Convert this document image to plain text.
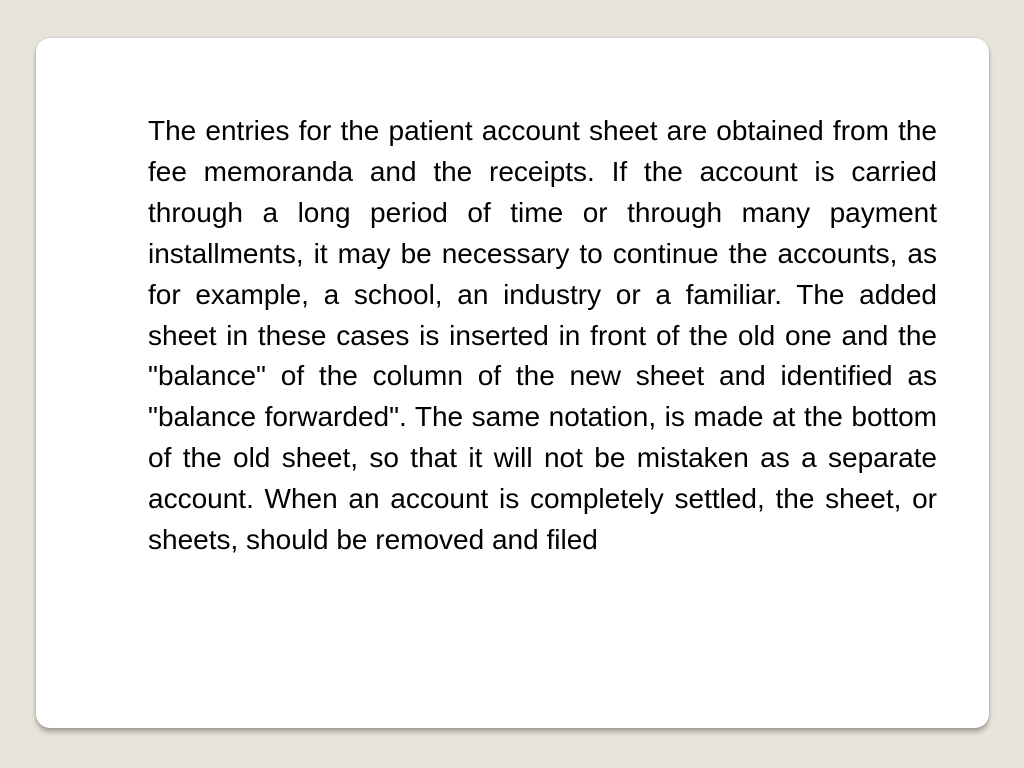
The entries for the patient account sheet are obtained from the fee memoranda and the receipts. If the account is carried through a long period of time or through many payment installments, it may be necessary to continue the accounts, as for example, a school, an industry or a familiar. The added sheet in these cases is inserted in front of the old one and the "balance" of the column of the new sheet and identified as "balance forwarded". The same notation, is made at the bottom of the old sheet, so that it will not be mistaken as a separate account. When an account is completely settled, the sheet, or sheets, should be removed and filed
